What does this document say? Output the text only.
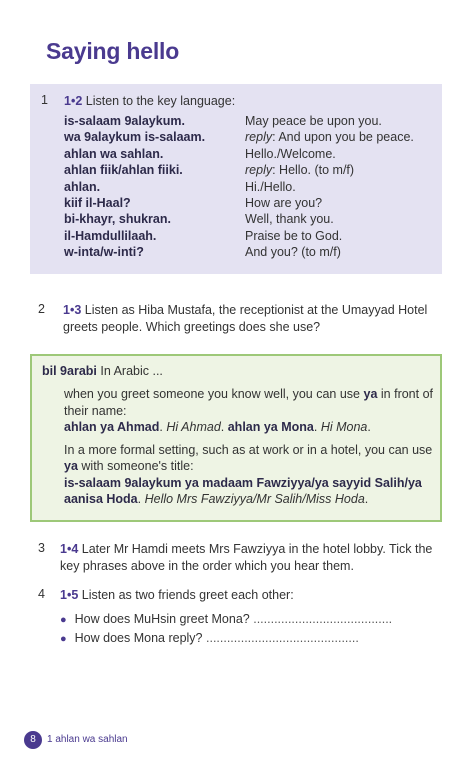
Saying hello
1 1•2 Listen to the key language:
is-salaam 9alaykum.
wa 9alaykum is-salaam.
ahlan wa sahlan.
ahlan fiik/ahlan fiiki.
ahlan.
kiif il-Haal?
bi-khayr, shukran.
il-Hamdullilaah.
w-inta/w-inti?
May peace be upon you.
reply: And upon you be peace.
Hello./Welcome.
reply: Hello. (to m/f)
Hi./Hello.
How are you?
Well, thank you.
Praise be to God.
And you? (to m/f)
2 1•3 Listen as Hiba Mustafa, the receptionist at the Umayyad Hotel greets people. Which greetings does she use?
bil 9arabi In Arabic ...

when you greet someone you know well, you can use ya in front of their name:
ahlan ya Ahmad. Hi Ahmad. ahlan ya Mona. Hi Mona.

In a more formal setting, such as at work or in a hotel, you can use ya with someone's title:
is-salaam 9alaykum ya madaam Fawziyya/ya sayyid Salih/ya aanisa Hoda. Hello Mrs Fawziyya/Mr Salih/Miss Hoda.

3 1•4 Later Mr Hamdi meets Mrs Fawziyya in the hotel lobby. Tick the key phrases above in the order which you hear them.
4 1•5 Listen as two friends greet each other:
● How does MuHsin greet Mona? ........................................
● How does Mona reply? ............................................
8	1 ahlan wa sahlan
